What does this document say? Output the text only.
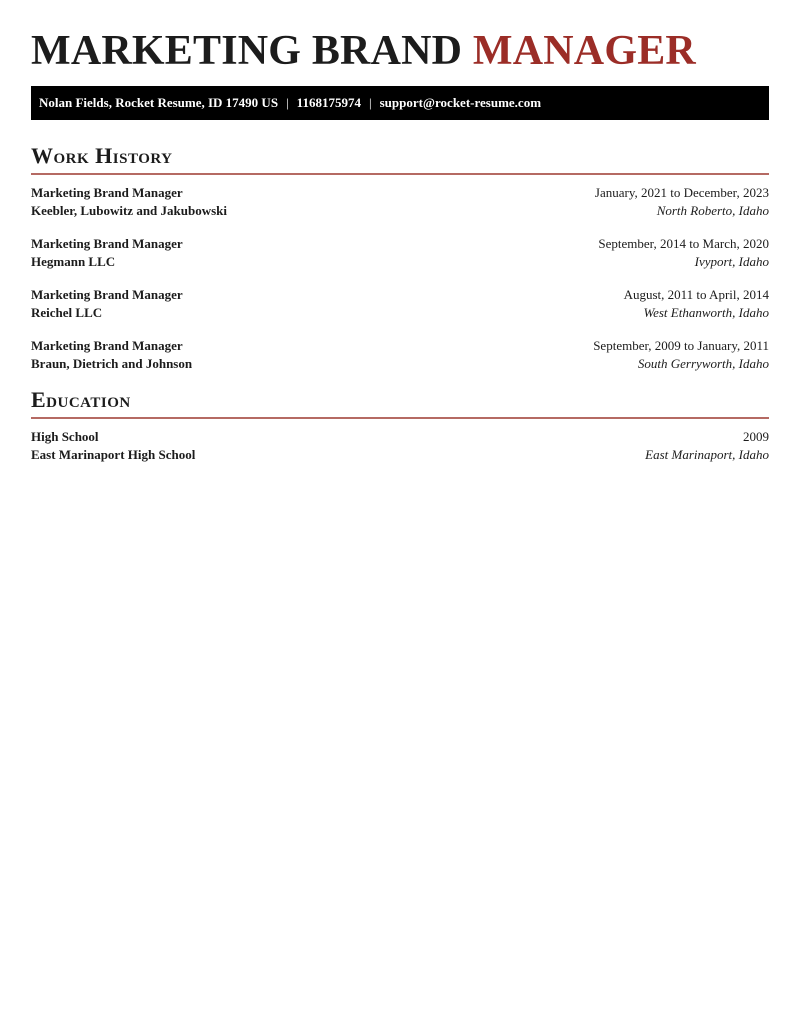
MARKETING BRAND MANAGER
Nolan Fields, Rocket Resume, ID 17490 US | 1168175974 | support@rocket-resume.com
Work History
Marketing Brand Manager	January, 2021 to December, 2023
Keebler, Lubowitz and Jakubowski	North Roberto, Idaho
Marketing Brand Manager	September, 2014 to March, 2020
Hegmann LLC	Ivyport, Idaho
Marketing Brand Manager	August, 2011 to April, 2014
Reichel LLC	West Ethanworth, Idaho
Marketing Brand Manager	September, 2009 to January, 2011
Braun, Dietrich and Johnson	South Gerryworth, Idaho
Education
High School	2009
East Marinaport High School	East Marinaport, Idaho
